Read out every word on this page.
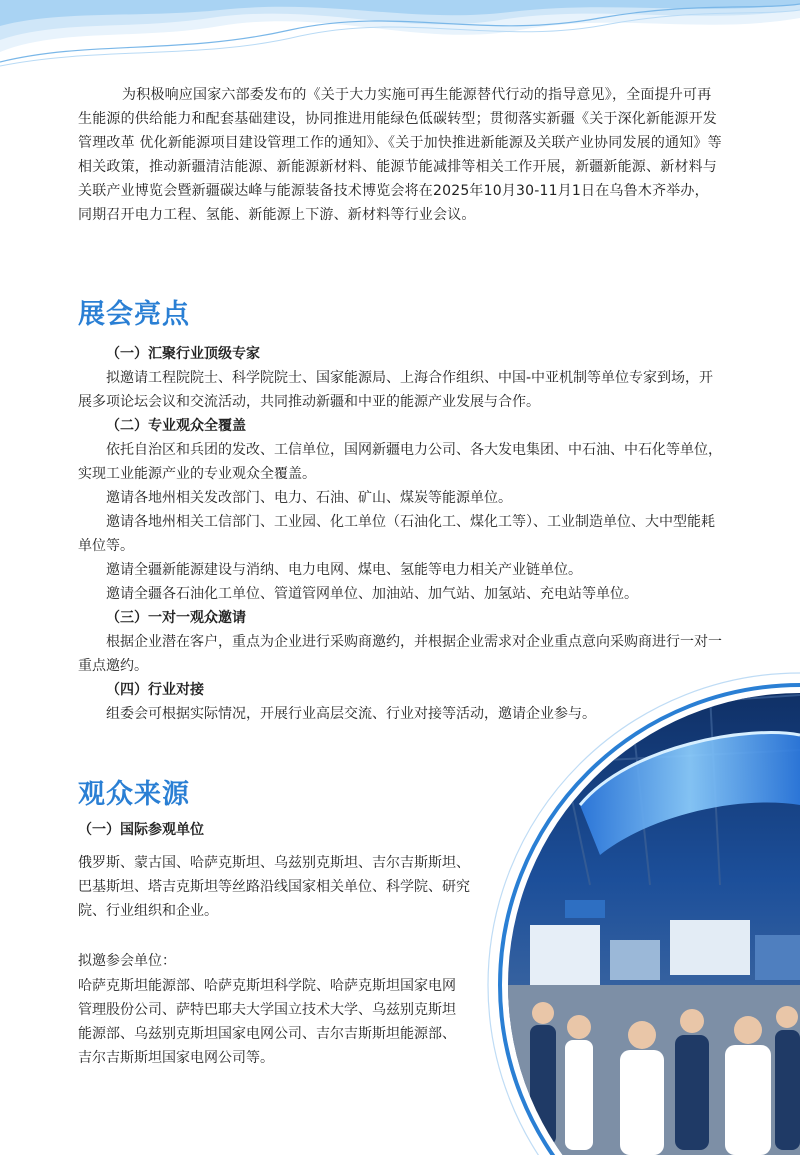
为积极响应国家六部委发布的《关于大力实施可再生能源替代行动的指导意见》，全面提升可再生能源的供给能力和配套基础建设，协同推进用能绿色低碳转型；贯彻落实新疆《关于深化新能源开发管理改革 优化新能源项目建设管理工作的通知》、《关于加快推进新能源及关联产业协同发展的通知》等相关政策，推动新疆清洁能源、新能源新材料、能源节能减排等相关工作开展，新疆新能源、新材料与关联产业博览会暨新疆碳达峰与能源装备技术博览会将在2025年10月30-11月1日在乌鲁木齐举办，同期召开电力工程、氢能、新能源上下游、新材料等行业会议。

展会亮点
（一）汇聚行业顶级专家
拟邀请工程院院士、科学院院士、国家能源局、上海合作组织、中国-中亚机制等单位专家到场，开展多项论坛会议和交流活动，共同推动新疆和中亚的能源产业发展与合作。
（二）专业观众全覆盖
依托自治区和兵团的发改、工信单位，国网新疆电力公司、各大发电集团、中石油、中石化等单位，实现工业能源产业的专业观众全覆盖。
邀请各地州相关发改部门、电力、石油、矿山、煤炭等能源单位。
邀请各地州相关工信部门、工业园、化工单位（石油化工、煤化工等）、工业制造单位、大中型能耗单位等。
邀请全疆新能源建设与消纳、电力电网、煤电、氢能等电力相关产业链单位。
邀请全疆各石油化工单位、管道管网单位、加油站、加气站、加氢站、充电站等单位。
（三）一对一观众邀请
根据企业潜在客户，重点为企业进行采购商邀约，并根据企业需求对企业重点意向采购商进行一对一重点邀约。
（四）行业对接
组委会可根据实际情况，开展行业高层交流、行业对接等活动，邀请企业参与。
观众来源
（一）国际参观单位
俄罗斯、蒙古国、哈萨克斯坦、乌兹别克斯坦、吉尔吉斯斯坦、巴基斯坦、塔吉克斯坦等丝路沿线国家相关单位、科学院、研究院、行业组织和企业。
拟邀参会单位：
哈萨克斯坦能源部、哈萨克斯坦科学院、哈萨克斯坦国家电网管理股份公司、萨特巴耶夫大学国立技术大学、乌兹别克斯坦能源部、乌兹别克斯坦国家电网公司、吉尔吉斯斯坦能源部、吉尔吉斯斯坦国家电网公司等。
